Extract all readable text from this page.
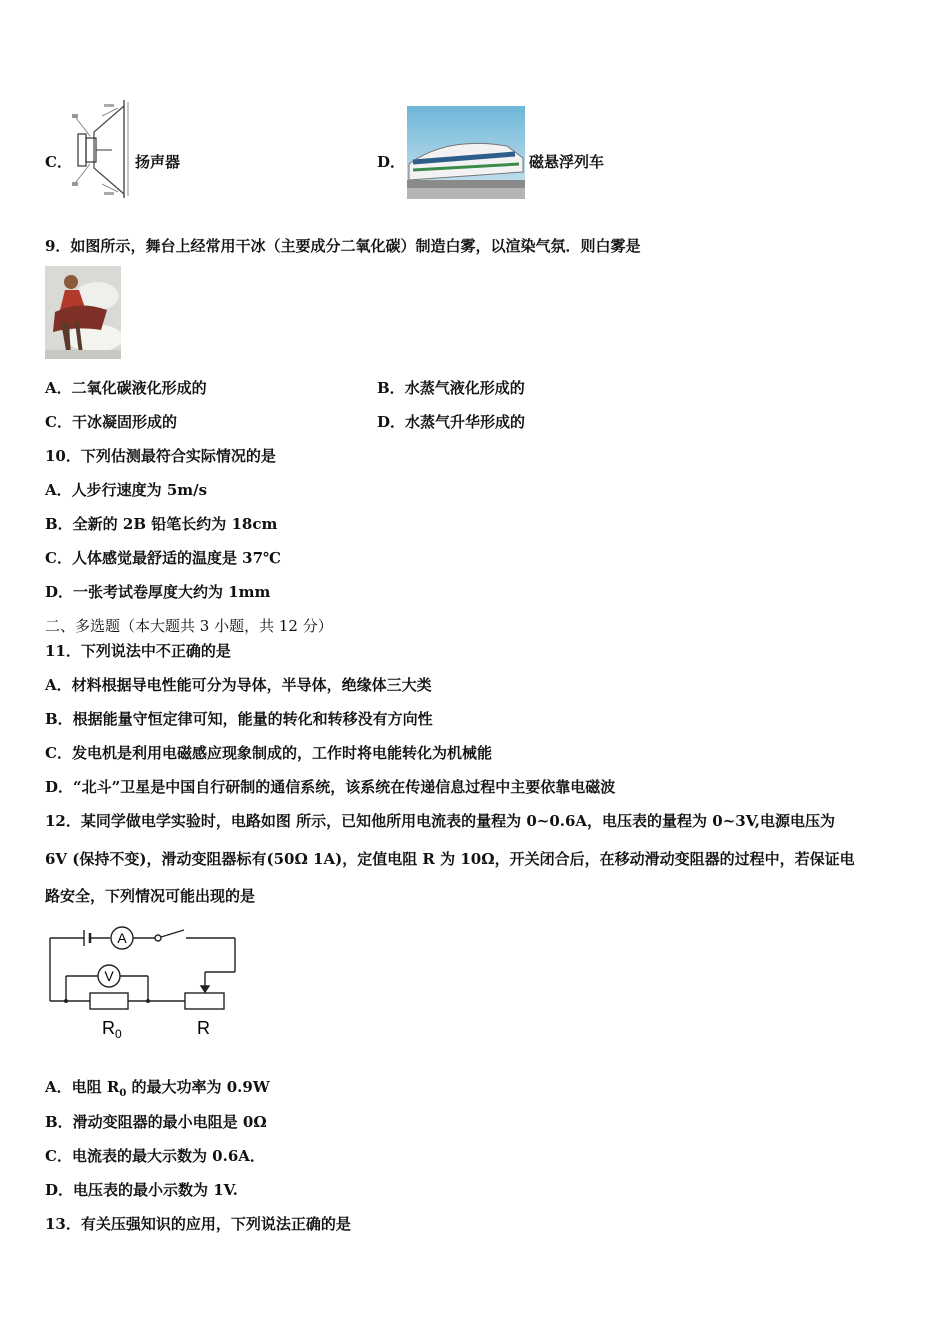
C．	扬声器	D．	磁悬浮列车
9．如图所示，舞台上经常用干冰（主要成分二氧化碳）制造白雾，以渲染气氛．则白雾是
A．二氧化碳液化形成的	B．水蒸气液化形成的
C．干冰凝固形成的	D．水蒸气升华形成的
10．下列估测最符合实际情况的是
A．人步行速度为 5m/s
B．全新的 2B 铅笔长约为 18cm
C．人体感觉最舒适的温度是 37℃
D．一张考试卷厚度大约为 1mm
二、多选题（本大题共 3 小题，共 12 分）
11．下列说法中不正确的是
A．材料根据导电性能可分为导体，半导体，绝缘体三大类
B．根据能量守恒定律可知，能量的转化和转移没有方向性
C．发电机是利用电磁感应现象制成的，工作时将电能转化为机械能
D．“北斗”卫星是中国自行研制的通信系统，该系统在传递信息过程中主要依靠电磁波
12．某同学做电学实验时，电路如图 所示，已知他所用电流表的量程为 0~0.6A，电压表的量程为 0~3V,电源电压为
6V (保持不变)，滑动变阻器标有(50Ω 1A)，定值电阻 R 为 10Ω，开关闭合后，在移动滑动变阻器的过程中，若保证电
路安全，下列情况可能出现的是
A
V
$R_0$	R
A．电阻 $R_0$ 的最大功率为 0.9W
B．滑动变阻器的最小电阻是 0Ω
C．电流表的最大示数为 0.6A．
D．电压表的最小示数为 1V.
13．有关压强知识的应用，下列说法正确的是
